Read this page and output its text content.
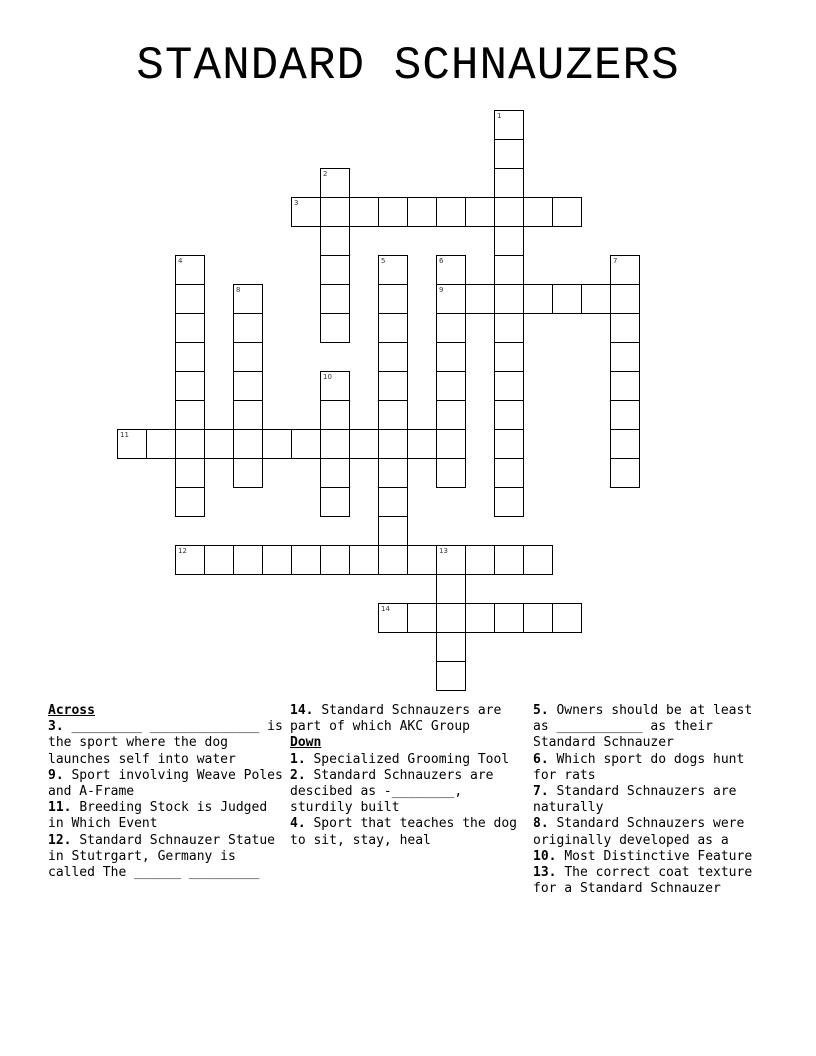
STANDARD SCHNAUZERS
1
2
3
4	5	6
9
7
8
10
11
12	13
14
Across
3. _________ ______________ is the sport where the dog launches self into water
9. Sport involving Weave Poles and A-Frame
11. Breeding Stock is Judged in Which Event
12. Standard Schnauzer Statue in Stutrgart, Germany is called The ______ _________
14. Standard Schnauzers are part of which AKC Group
Down
1. Specialized Grooming Tool
2. Standard Schnauzers are descibed as -________, sturdily built
4. Sport that teaches the dog to sit, stay, heal
5. Owners should be at least as ___________ as their Standard Schnauzer
6. Which sport do dogs hunt for rats
7. Standard Schnauzers are naturally
8. Standard Schnauzers were originally developed as a
10. Most Distinctive Feature
13. The correct coat texture for a Standard Schnauzer
